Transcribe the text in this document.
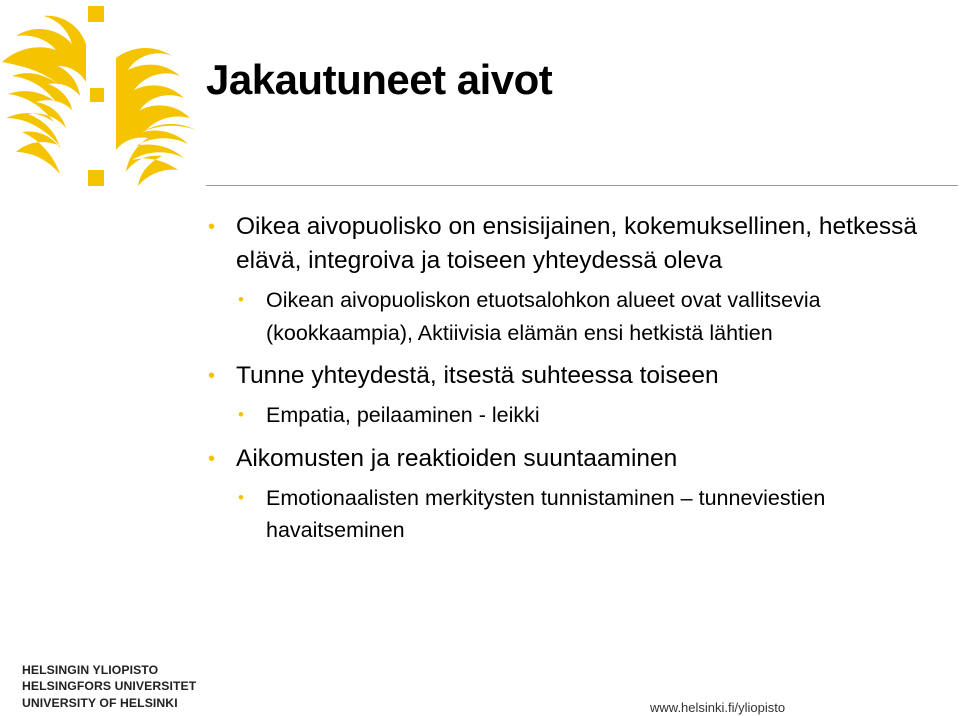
Jakautuneet aivot
• Oikea aivopuolisko on ensisijainen, kokemuksellinen, hetkessä elävä, integroiva ja toiseen yhteydessä oleva
• Oikean aivopuoliskon etuotsalohkon alueet ovat vallitsevia (kookkaampia), Aktiivisia elämän ensi hetkistä lähtien
• Tunne yhteydestä, itsestä suhteessa toiseen
• Empatia, peilaaminen - leikki
• Aikomusten ja reaktioiden suuntaaminen
• Emotionaalisten merkitysten tunnistaminen – tunneviestien havaitseminen
HELSINGIN YLIOPISTO
HELSINGFORS UNIVERSITET
UNIVERSITY OF HELSINKI	www.helsinki.fi/yliopisto
